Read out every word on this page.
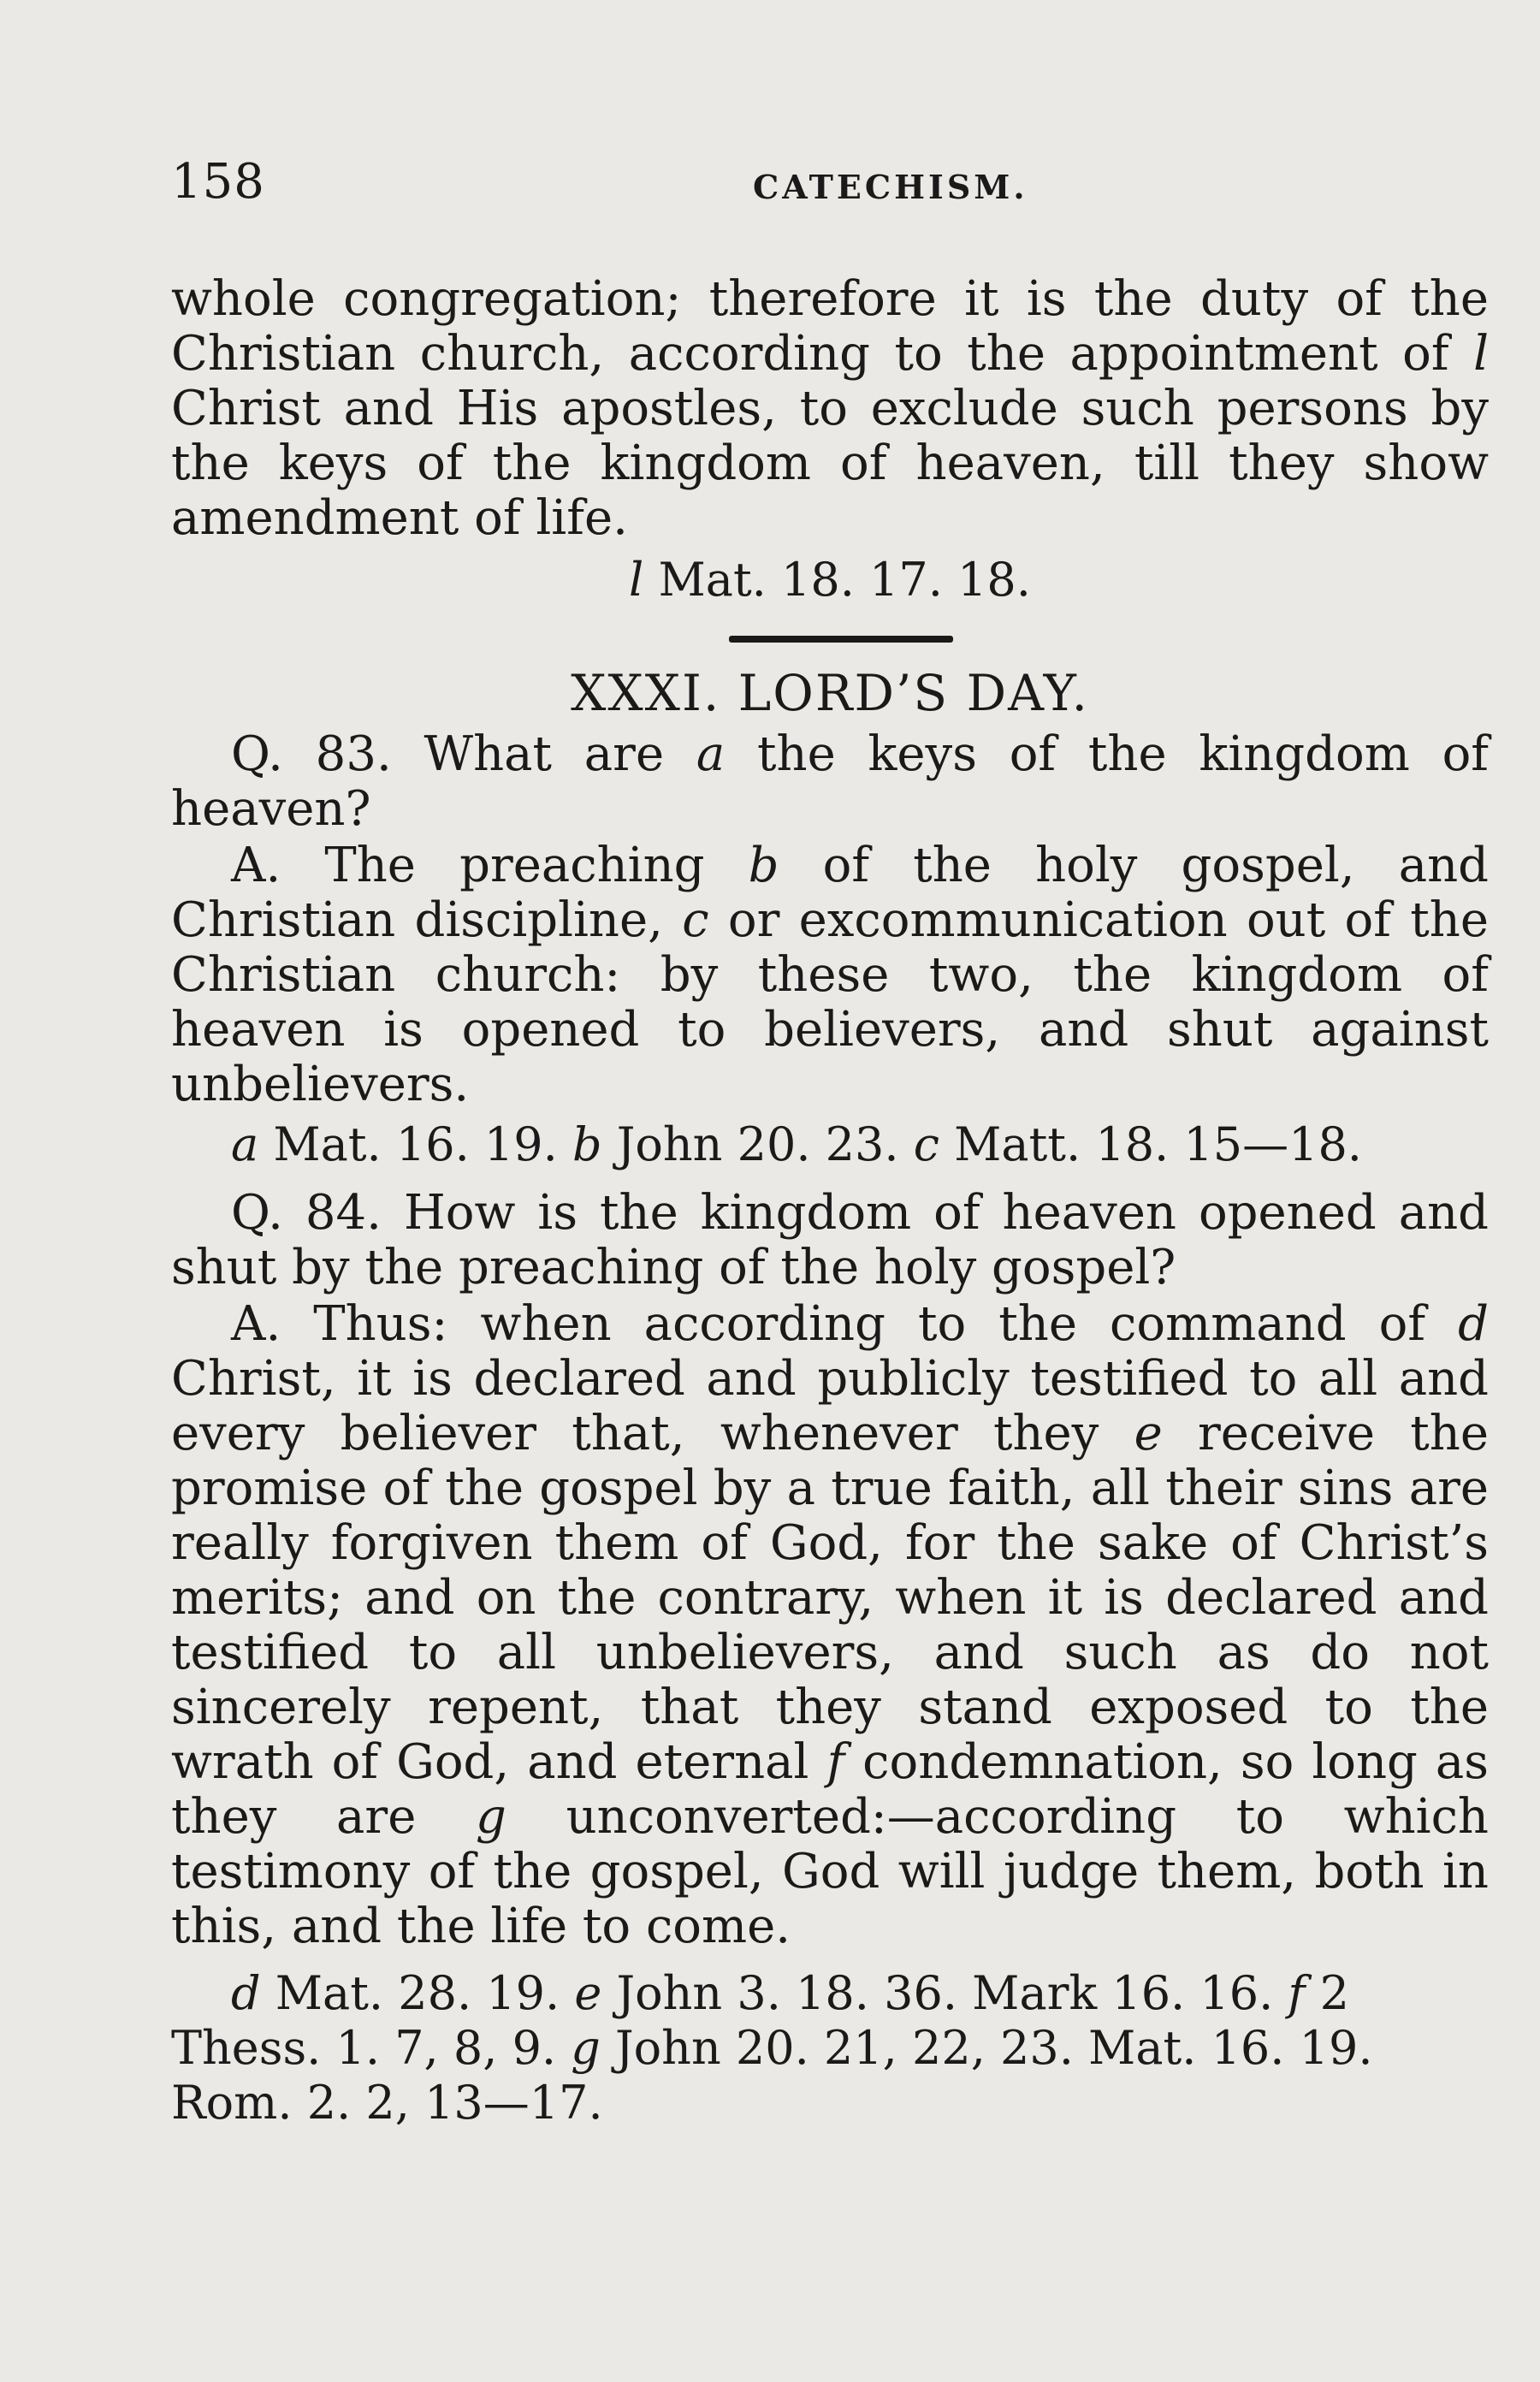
158	CATECHISM.

whole congregation; therefore it is the duty of the Christian church, according to the appointment of l Christ and His apostles, to exclude such persons by the keys of the kingdom of heaven, till they show amendment of life.

l Mat. 18. 17. 18.

XXXI. LORD’S DAY.

Q. 83. What are a the keys of the kingdom of heaven?

A. The preaching b of the holy gospel, and Christian discipline, c or excommunication out of the Christian church: by these two, the kingdom of heaven is opened to believers, and shut against unbelievers.

a Mat. 16. 19. b John 20. 23. c Matt. 18. 15—18.

Q. 84. How is the kingdom of heaven opened and shut by the preaching of the holy gospel?

A. Thus: when according to the command of d Christ, it is declared and publicly testified to all and every believer that, whenever they e receive the promise of the gospel by a true faith, all their sins are really forgiven them of God, for the sake of Christ’s merits; and on the contrary, when it is declared and testified to all unbelievers, and such as do not sincerely repent, that they stand exposed to the wrath of God, and eternal f condemnation, so long as they are g unconverted:—according to which testimony of the gospel, God will judge them, both in this, and the life to come.

d Mat. 28. 19. e John 3. 18. 36. Mark 16. 16. f 2 Thess. 1. 7, 8, 9. g John 20. 21, 22, 23. Mat. 16. 19. Rom. 2. 2, 13—17.
